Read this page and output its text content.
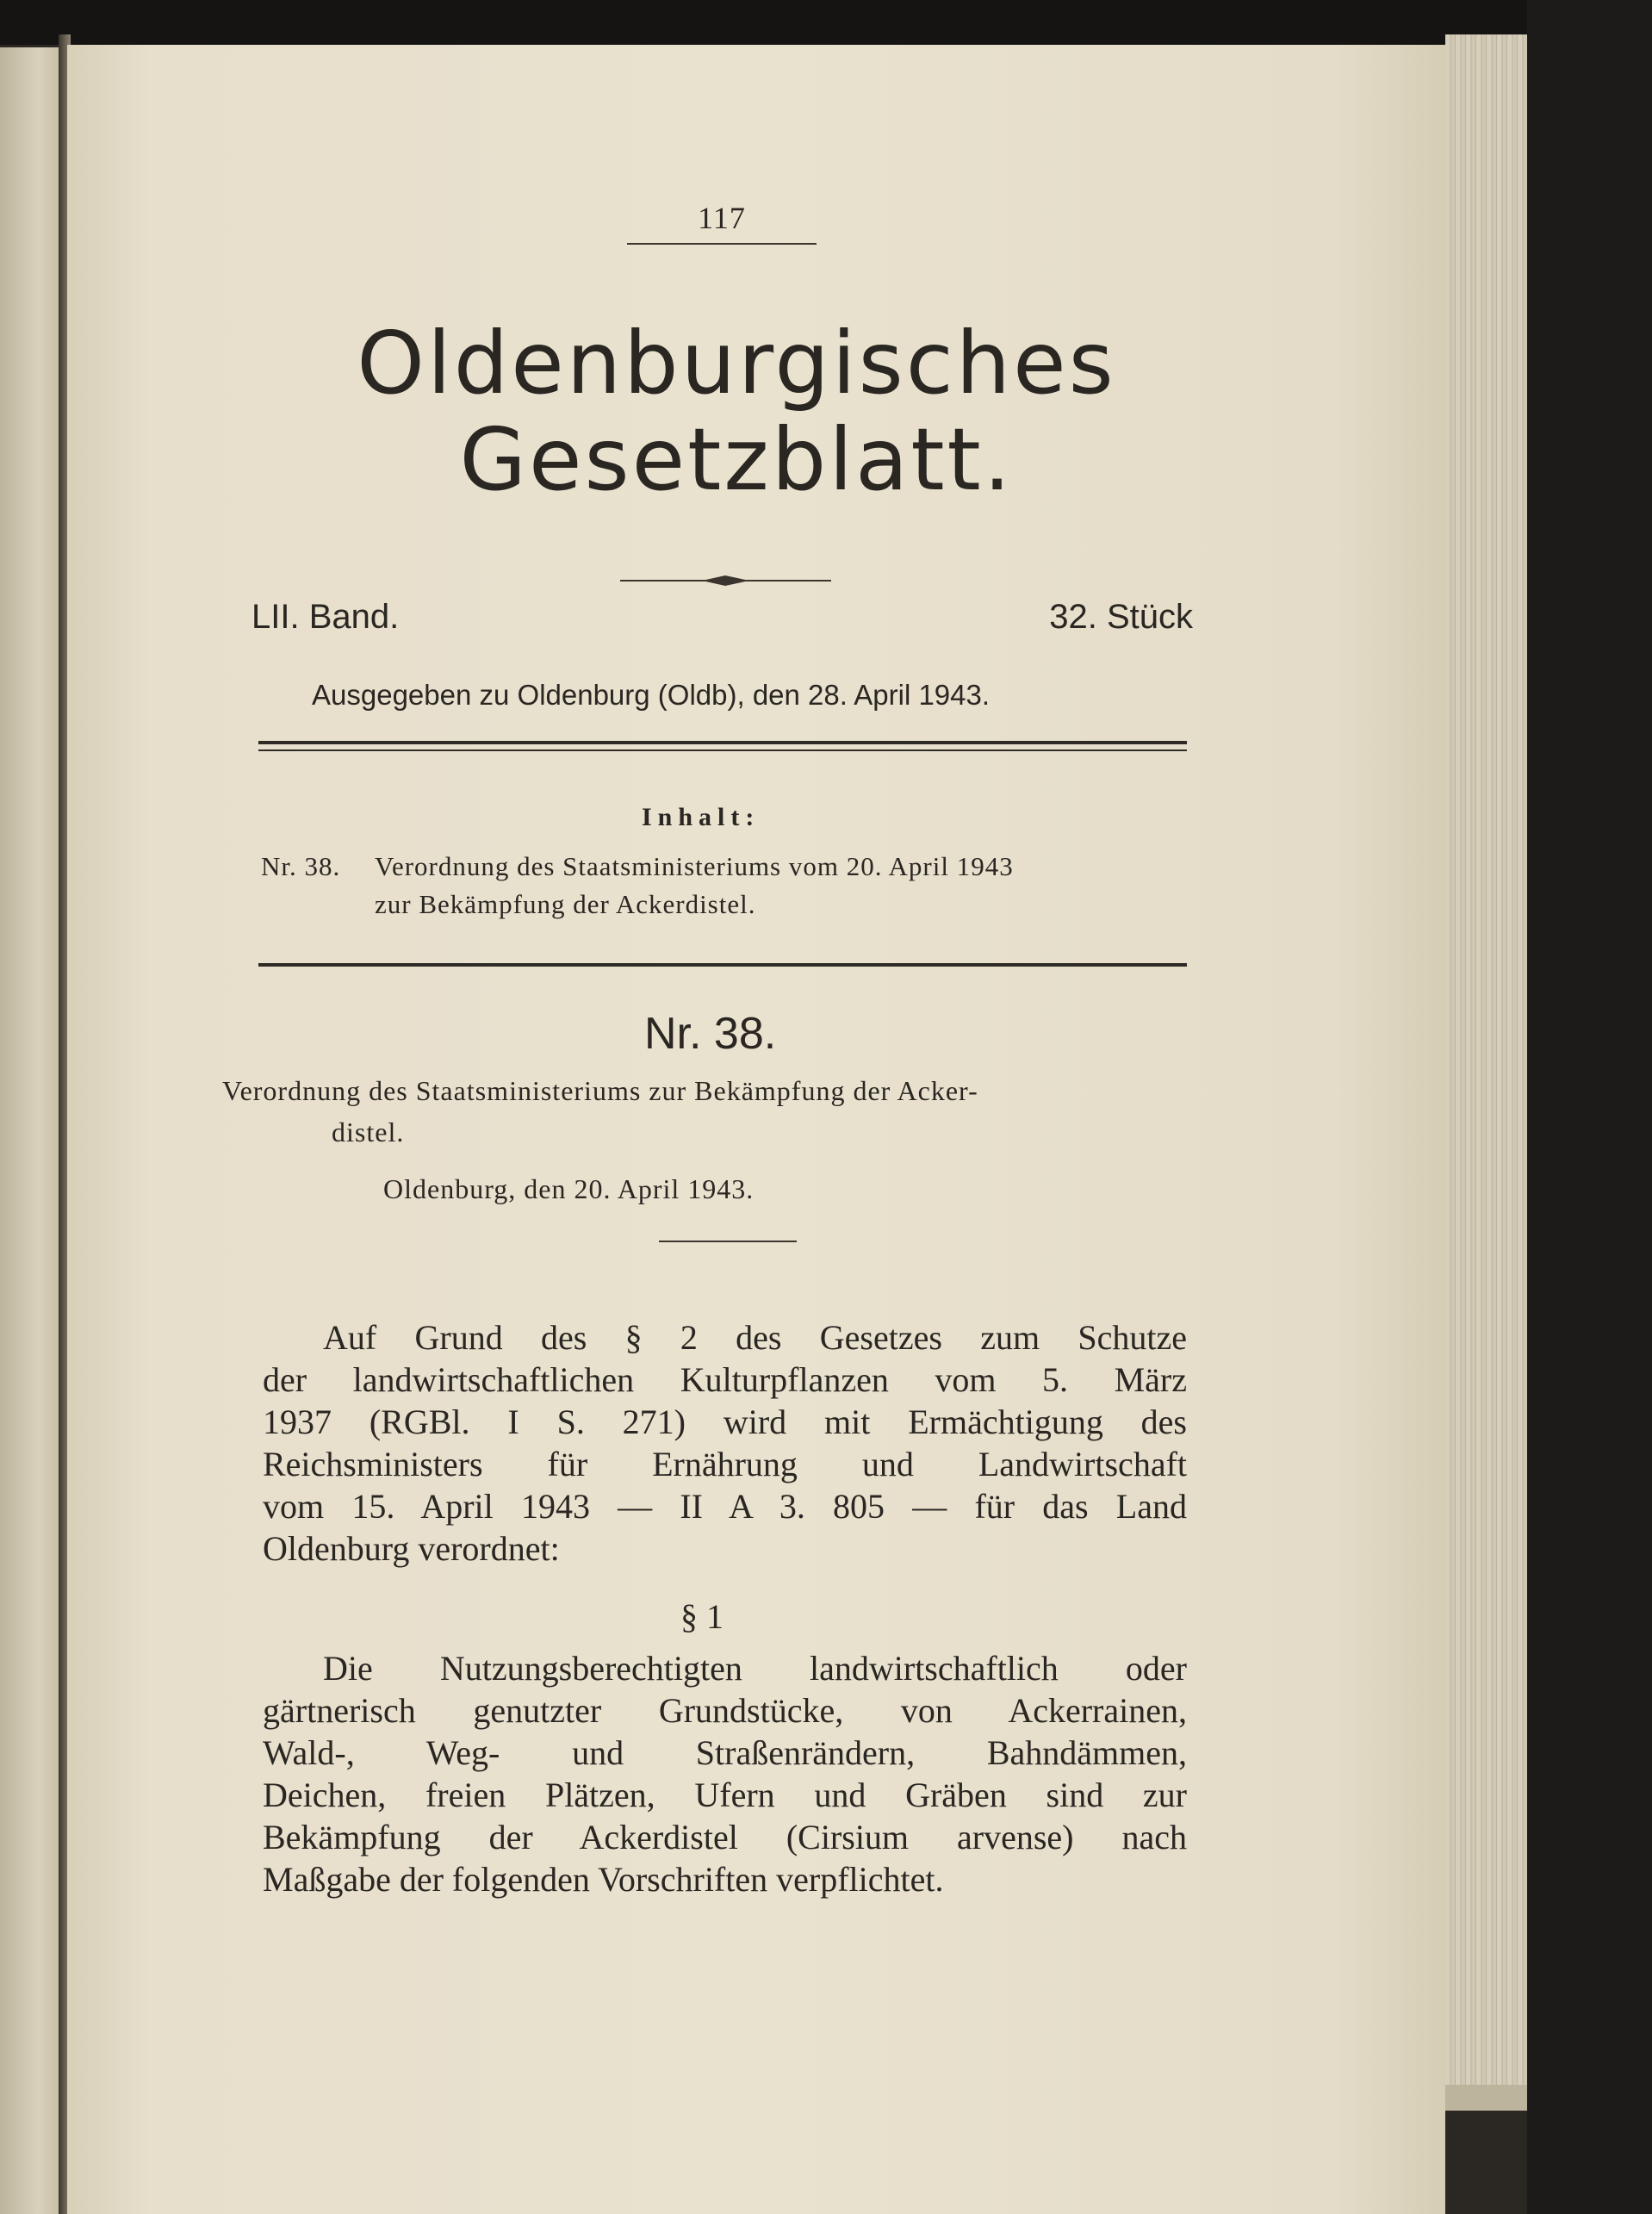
117
Oldenburgisches
Gesetzblatt.
LII. Band.	32. Stück
Ausgegeben zu Oldenburg (Oldb), den 28. April 1943.
Inhalt:
Nr. 38. Verordnung des Staatsministeriums vom 20. April 1943
zur Bekämpfung der Ackerdistel.
Nr. 38.
Verordnung des Staatsministeriums zur Bekämpfung der Acker-
distel.
Oldenburg, den 20. April 1943.
Auf Grund des § 2 des Gesetzes zum Schutze
der landwirtschaftlichen Kulturpflanzen vom 5. März
1937 (RGBl. I S. 271) wird mit Ermächtigung des
Reichsministers für Ernährung und Landwirtschaft
vom 15. April 1943 — II A 3. 805 — für das Land
Oldenburg verordnet:
§ 1
Die Nutzungsberechtigten landwirtschaftlich oder
gärtnerisch genutzter Grundstücke, von Ackerrainen,
Wald-, Weg- und Straßenrändern, Bahndämmen,
Deichen, freien Plätzen, Ufern und Gräben sind zur
Bekämpfung der Ackerdistel (Cirsium arvense) nach
Maßgabe der folgenden Vorschriften verpflichtet.
